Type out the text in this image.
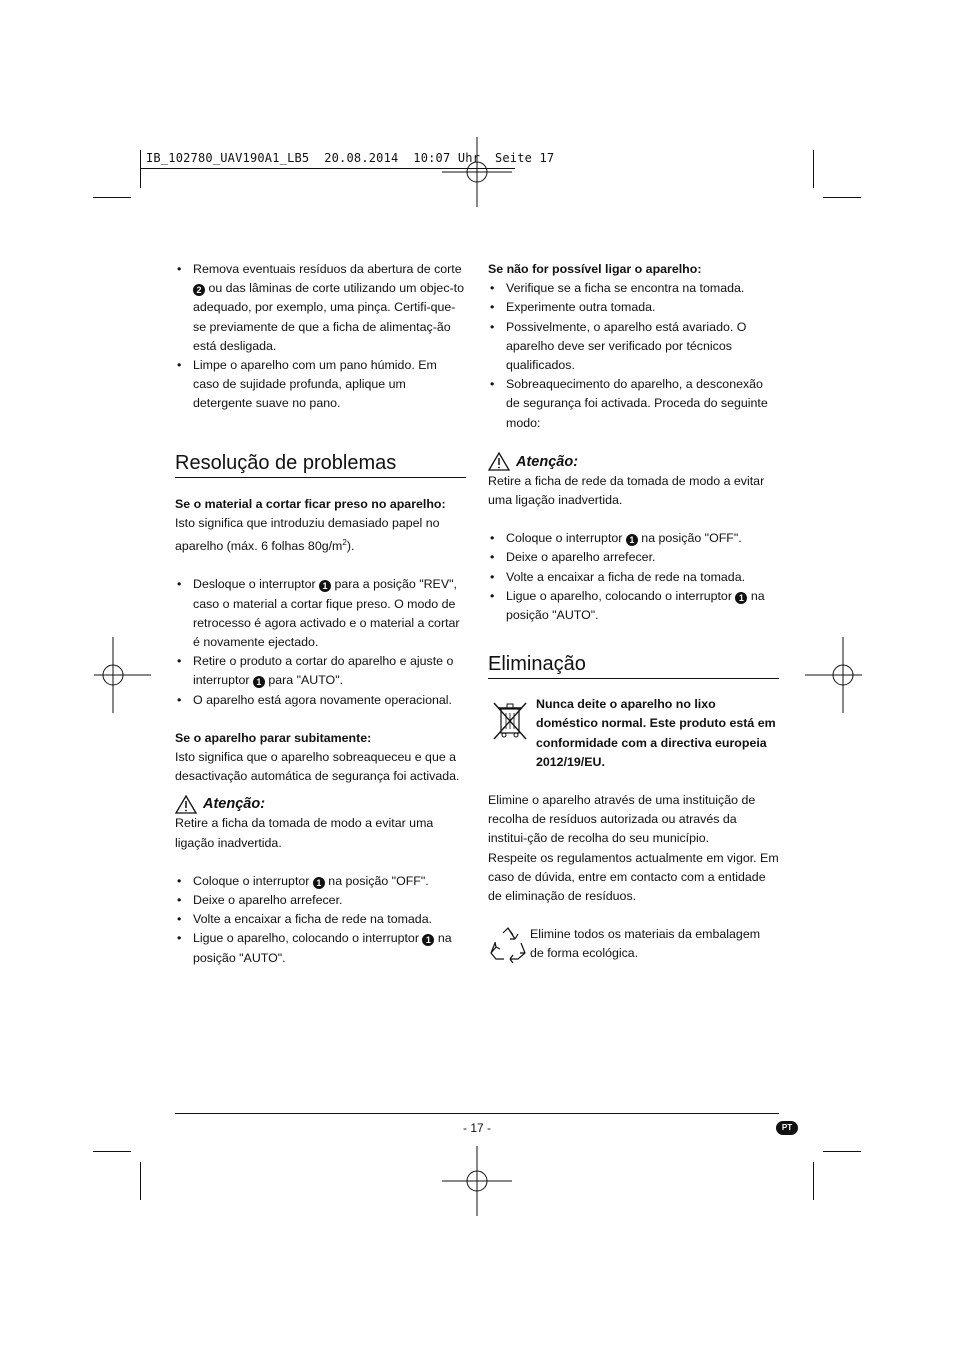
IB_102780_UAV190A1_LB5  20.08.2014  10:07 Uhr  Seite 17
• Remova eventuais resíduos da abertura de corte 2 ou das lâminas de corte utilizando um objec-to adequado, por exemplo, uma pinça. Certifi-que-se previamente de que a ficha de alimentaç-ão está desligada.
• Limpe o aparelho com um pano húmido. Em caso de sujidade profunda, aplique um detergente suave no pano.
Resolução de problemas

Se o material a cortar ficar preso no aparelho:

Isto significa que introduziu demasiado papel no aparelho (máx. 6 folhas $80g/m^2$).

• Desloque o interruptor 1 para a posição "REV", caso o material a cortar fique preso. O modo de retrocesso é agora activado e o material a cortar é novamente ejectado.
• Retire o produto a cortar do aparelho e ajuste o interruptor 1 para "AUTO".
• O aparelho está agora novamente operacional.

Se o aparelho parar subitamente:

Isto significa que o aparelho sobreaqueceu e que a desactivação automática de segurança foi activada.

Atenção:

Retire a ficha da tomada de modo a evitar uma ligação inadvertida.

• Coloque o interruptor 1 na posição "OFF".
• Deixe o aparelho arrefecer.
• Volte a encaixar a ficha de rede na tomada.
• Ligue o aparelho, colocando o interruptor 1 na posição "AUTO".

Se não for possível ligar o aparelho:

• Verifique se a ficha se encontra na tomada.
• Experimente outra tomada.
• Possivelmente, o aparelho está avariado. O aparelho deve ser verificado por técnicos qualificados.
• Sobreaquecimento do aparelho, a desconexão de segurança foi activada. Proceda do seguinte modo:
Atenção:

Retire a ficha de rede da tomada de modo a evitar uma ligação inadvertida.

• Coloque o interruptor 1 na posição "OFF".
• Deixe o aparelho arrefecer.
• Volte a encaixar a ficha de rede na tomada.
• Ligue o aparelho, colocando o interruptor 1 na posição "AUTO".
Eliminação

Nunca deite o aparelho no lixo doméstico normal. Este produto está em conformidade com a directiva europeia 2012/19/EU.

Elimine o aparelho através de uma instituição de recolha de resíduos autorizada ou através da institui-ção de recolha do seu município.

Respeite os regulamentos actualmente em vigor. Em caso de dúvida, entre em contacto com a entidade de eliminação de resíduos.

Elimine todos os materiais da embalagem de forma ecológica.

- 17 -	PT
